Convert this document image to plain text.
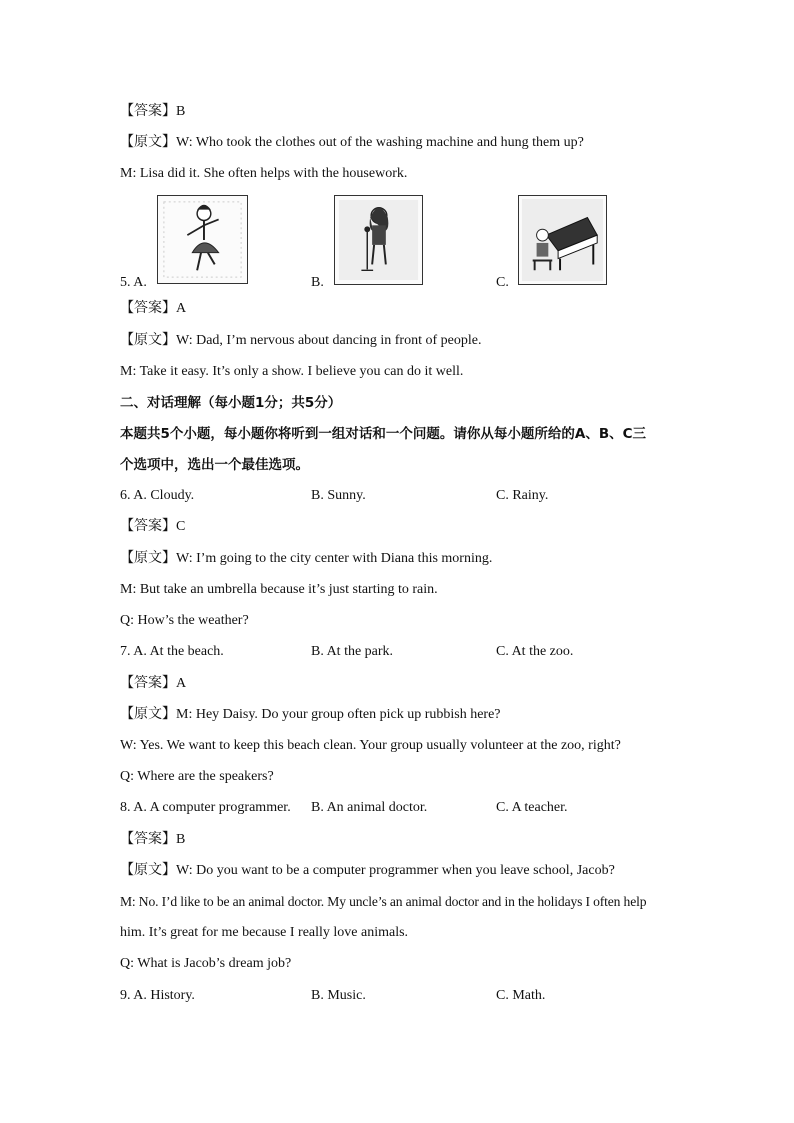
【答案】B
【原文】W: Who took the clothes out of the washing machine and hung them up?
M: Lisa did it. She often helps with the housework.
5. A.	B.	C.
【答案】A
【原文】W: Dad, I’m nervous about dancing in front of people.
M: Take it easy. It’s only a show. I believe you can do it well.
二、对话理解（每小题1分；共5分）
本题共5个小题，每小题你将听到一组对话和一个问题。请你从每小题所给的A、B、C三
个选项中，选出一个最佳选项。
6. A. Cloudy.	B. Sunny.	C. Rainy.
【答案】C
【原文】W: I’m going to the city center with Diana this morning.
M: But take an umbrella because it’s just starting to rain.
Q: How’s the weather?
7. A. At the beach.	B. At the park.	C. At the zoo.
【答案】A
【原文】M: Hey Daisy. Do your group often pick up rubbish here?
W: Yes. We want to keep this beach clean. Your group usually volunteer at the zoo, right?
Q: Where are the speakers?
8. A. A computer programmer. B. An animal doctor.	C. A teacher.
【答案】B
【原文】W: Do you want to be a computer programmer when you leave school, Jacob?
M: No. I’d like to be an animal doctor. My uncle’s an animal doctor and in the holidays I often help
him. It’s great for me because I really love animals.
Q: What is Jacob’s dream job?
9. A. History.	B. Music.	C. Math.
